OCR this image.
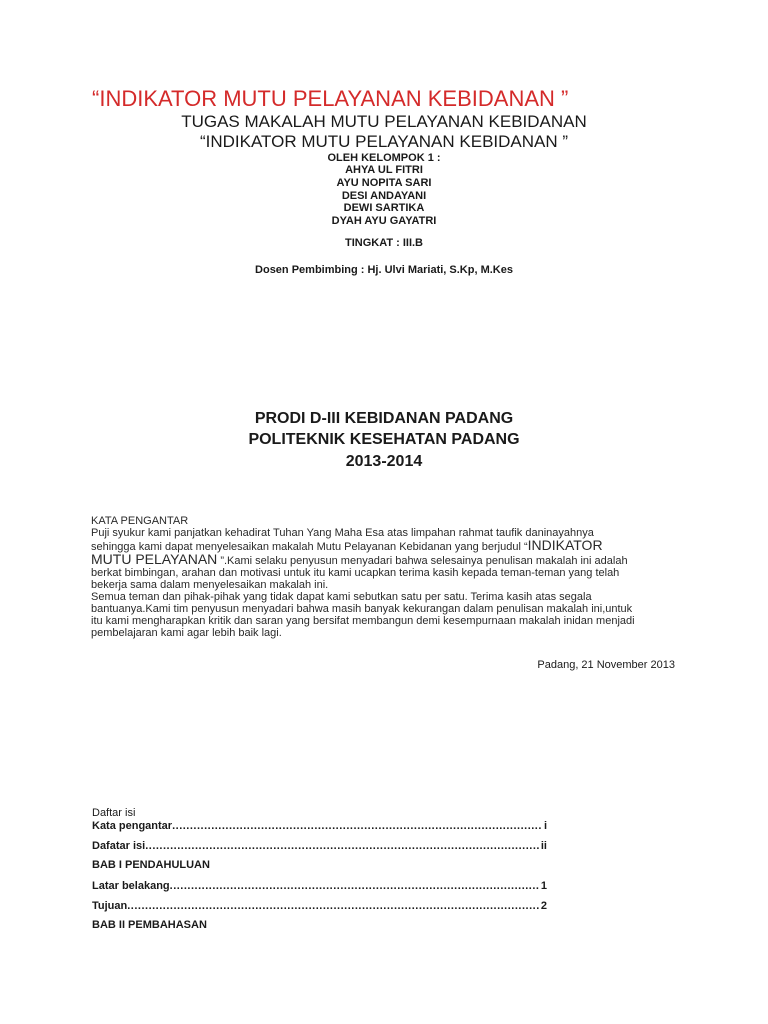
“INDIKATOR MUTU PELAYANAN KEBIDANAN ”
TUGAS MAKALAH MUTU PELAYANAN KEBIDANAN
“INDIKATOR MUTU PELAYANAN KEBIDANAN ”
OLEH KELOMPOK 1 :
AHYA UL FITRI
AYU NOPITA SARI
DESI ANDAYANI
DEWI SARTIKA
DYAH AYU GAYATRI
TINGKAT : III.B
Dosen Pembimbing : Hj. Ulvi Mariati, S.Kp, M.Kes
PRODI D-III KEBIDANAN PADANG
POLITEKNIK KESEHATAN PADANG
2013-2014

KATA PENGANTAR

Puji syukur kami panjatkan kehadirat Tuhan Yang Maha Esa atas limpahan rahmat taufik daninayahnya

sehingga kami dapat menyelesaikan makalah Mutu Pelayanan Kebidanan yang berjudul “INDIKATOR

MUTU PELAYANAN ”.Kami selaku penyusun menyadari bahwa selesainya penulisan makalah ini adalah

berkat bimbingan, arahan dan motivasi untuk itu kami ucapkan terima kasih kepada teman-teman yang telah

bekerja sama dalam menyelesaikan makalah ini.

Semua teman dan pihak-pihak yang tidak dapat kami sebutkan satu per satu. Terima kasih atas segala

bantuanya.Kami tim penyusun menyadari bahwa masih banyak kekurangan dalam penulisan makalah ini,untuk

itu kami mengharapkan kritik dan saran yang bersifat membangun demi kesempurnaan makalah inidan menjadi

pembelajaran kami agar lebih baik lagi.

Padang, 21 November 2013
Daftar isi
Kata pengantar .....	i
Dafatar isi .....	ii
BAB I PENDAHULUAN
Latar belakang .....	1
Tujuan .....	2
BAB II PEMBAHASAN
